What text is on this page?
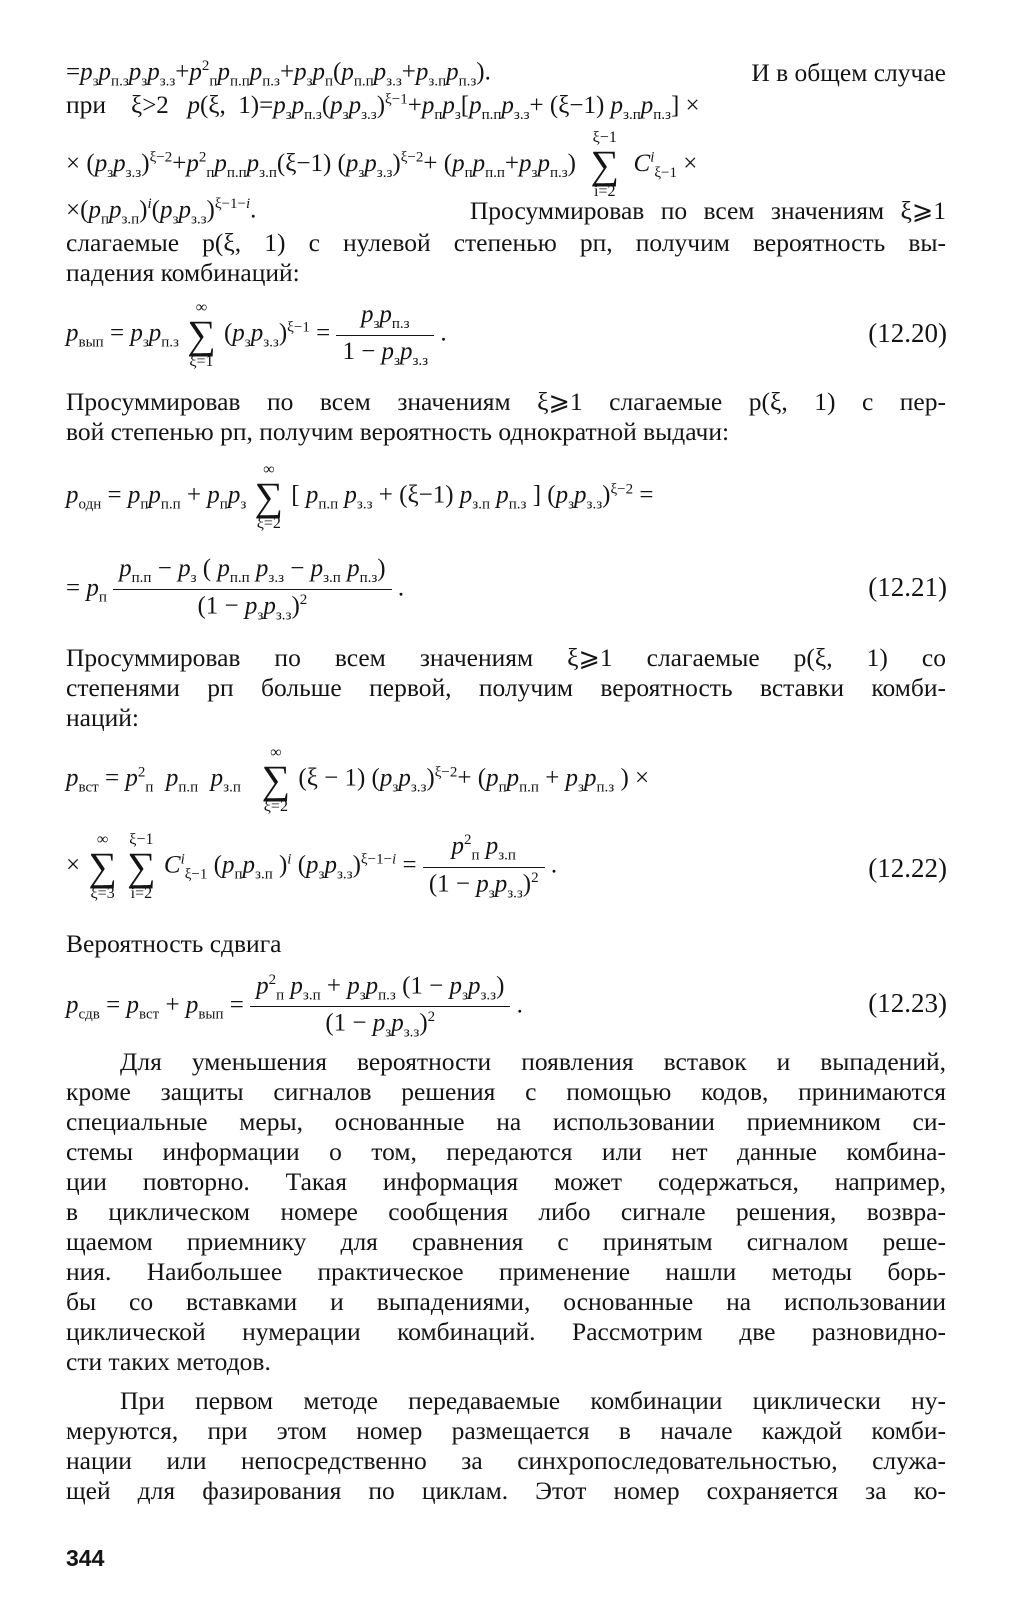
$=p_зp_{п.з}p_зp_{з.з}+p^2_пp_{п.п}p_{п.з}+p_зp_п(p_{п.п}p_{з.з}+p_{з.п}p_{п.з})$.	И в общем случае
при    ξ>2   p(ξ,  $1)=p_зp_{п.з}(p_зp_{з.з})^{\xi-1}+p_пp_з[p_{п.п}p_{з.з}+ (\xi-1)$ $p_{з.п}p_{п.з}$] ×
× $(p_зp_{з.з})^{\xi-2}+p^2_пp_{п.п}p_{з.п}(\xi-1)$ $(p_зp_{з.з})^{\xi-2}+ (p_пp_{п.п}+p_зp_{п.з})$
ξ−1
∑
i=2
$C^i_{\xi-1}$ ×
$\times(p_пp_{з.п})^i(p_зp_{з.з})^{\xi-1-i}$.	Просуммировав по всем значениям ξ⩾1
слагаемые p(ξ, 1) с нулевой степенью pп, получим вероятность вы-
падения комбинаций:
$p_{вып} = p_зp_{п.з}$
∞
∑
ξ=1
$(p_зp_{з.з})^{\xi-1} = \frac{p_зp_{п.з}}{1 - p_зp_{з.з}}$ .	(12.20)
Просуммировав по всем значениям ξ⩾1 слагаемые p(ξ, 1) с пер-
вой степенью pп, получим вероятность однократной выдачи:
$p_{одн} = p_пp_{п.п} + p_пp_з$
∞
∑
ξ=2
[ $p_{п.п}$ $p_{з.з} + (\xi-1)$ $p_{з.п}$ $p_{п.з}$ ] $(p_зp_{з.з})^{\xi-2}$ =
= $p_п \frac{p_{п.п} - p_з ( p_{п.п} p_{з.з} - p_{з.п} p_{п.з})}{(1 - p_зp_{з.з})^2}$ .	(12.21)
Просуммировав по всем значениям ξ⩾1 слагаемые p(ξ, 1) со
степенями pп больше первой, получим вероятность вставки комби-
наций:
$p_{вст} = p^2_п$ $p_{п.п}$ $p_{з.п}$
∞
∑
ξ=2
(ξ − 1) $(p_зp_{з.з})^{\xi-2}+ (p_пp_{п.п} + p_зp_{п.з}$ ) ×
×
∞
∑
ξ=3

ξ−1
∑
i=2
$C^i_{\xi-1}$ ($p_пp_{з.п}$ )$^i$ $(p_зp_{з.з})^{\xi-1-i} = \frac{p^2_п p_{з.п}}{(1 - p_зp_{з.з})^2}$ .	(12.22)
Вероятность сдвига
$p_{сдв} = p_{вст} + p_{вып} = \frac{p^2_п p_{з.п} + p_зp_{п.з} (1 - p_зp_{з.з})}{(1 - p_зp_{з.з})^2}$ .	(12.23)
Для уменьшения вероятности появления вставок и выпадений,
кроме защиты сигналов решения с помощью кодов, принимаются
специальные меры, основанные на использовании приемником си-
стемы информации о том, передаются или нет данные комбина-
ции повторно. Такая информация может содержаться, например,
в циклическом номере сообщения либо сигнале решения, возвра-
щаемом приемнику для сравнения с принятым сигналом реше-
ния. Наибольшее практическое применение нашли методы борь-
бы со вставками и выпадениями, основанные на использовании
циклической нумерации комбинаций. Рассмотрим две разновидно-
сти таких методов.
При первом методе передаваемые комбинации циклически ну-
меруются, при этом номер размещается в начале каждой комби-
нации или непосредственно за синхропоследовательностью, служа-
щей для фазирования по циклам. Этот номер сохраняется за ко-
344
